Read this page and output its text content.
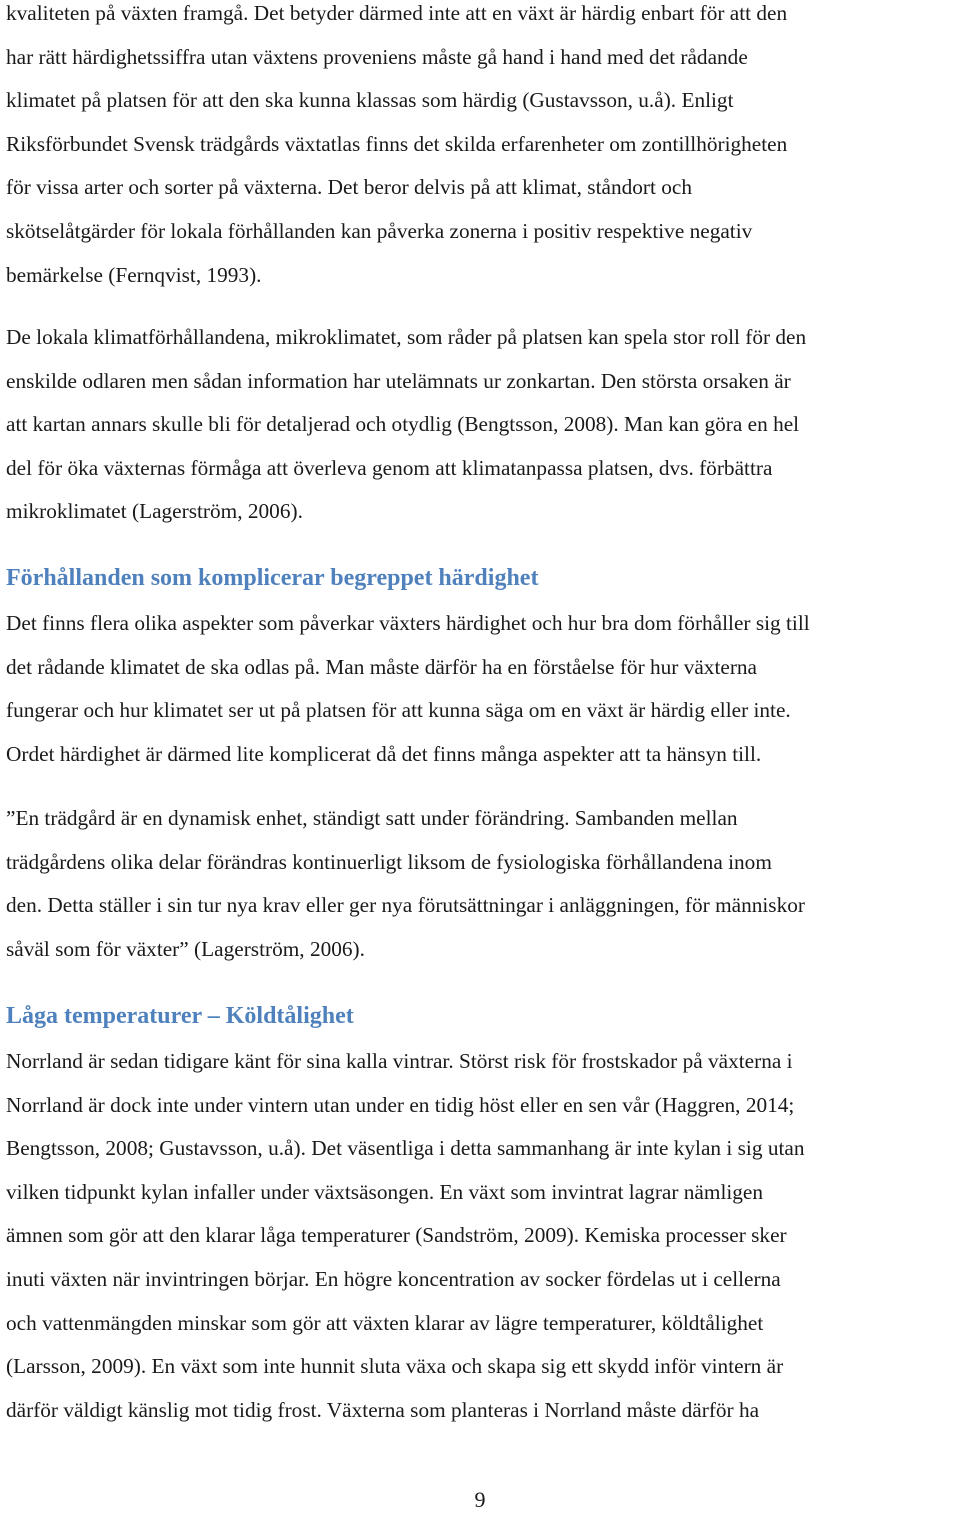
kvaliteten på växten framgå. Det betyder därmed inte att en växt är härdig enbart för att den
har rätt härdighetssiffra utan växtens proveniens måste gå hand i hand med det rådande
klimatet på platsen för att den ska kunna klassas som härdig (Gustavsson, u.å). Enligt
Riksförbundet Svensk trädgårds växtatlas finns det skilda erfarenheter om zontillhörigheten
för vissa arter och sorter på växterna. Det beror delvis på att klimat, ståndort och
skötselåtgärder för lokala förhållanden kan påverka zonerna i positiv respektive negativ
bemärkelse (Fernqvist, 1993).
De lokala klimatförhållandena, mikroklimatet, som råder på platsen kan spela stor roll för den
enskilde odlaren men sådan information har utelämnats ur zonkartan. Den största orsaken är
att kartan annars skulle bli för detaljerad och otydlig (Bengtsson, 2008). Man kan göra en hel
del för öka växternas förmåga att överleva genom att klimatanpassa platsen, dvs. förbättra
mikroklimatet (Lagerström, 2006).
Förhållanden som komplicerar begreppet härdighet
Det finns flera olika aspekter som påverkar växters härdighet och hur bra dom förhåller sig till
det rådande klimatet de ska odlas på. Man måste därför ha en förståelse för hur växterna
fungerar och hur klimatet ser ut på platsen för att kunna säga om en växt är härdig eller inte.
Ordet härdighet är därmed lite komplicerat då det finns många aspekter att ta hänsyn till.
”En trädgård är en dynamisk enhet, ständigt satt under förändring. Sambanden mellan
trädgårdens olika delar förändras kontinuerligt liksom de fysiologiska förhållandena inom
den. Detta ställer i sin tur nya krav eller ger nya förutsättningar i anläggningen, för människor
såväl som för växter” (Lagerström, 2006).
Låga temperaturer – Köldtålighet
Norrland är sedan tidigare känt för sina kalla vintrar. Störst risk för frostskador på växterna i
Norrland är dock inte under vintern utan under en tidig höst eller en sen vår (Haggren, 2014;
Bengtsson, 2008; Gustavsson, u.å). Det väsentliga i detta sammanhang är inte kylan i sig utan
vilken tidpunkt kylan infaller under växtsäsongen. En växt som invintrat lagrar nämligen
ämnen som gör att den klarar låga temperaturer (Sandström, 2009). Kemiska processer sker
inuti växten när invintringen börjar. En högre koncentration av socker fördelas ut i cellerna
och vattenmängden minskar som gör att växten klarar av lägre temperaturer, köldtålighet
(Larsson, 2009). En växt som inte hunnit sluta växa och skapa sig ett skydd inför vintern är
därför väldigt känslig mot tidig frost. Växterna som planteras i Norrland måste därför ha
9
